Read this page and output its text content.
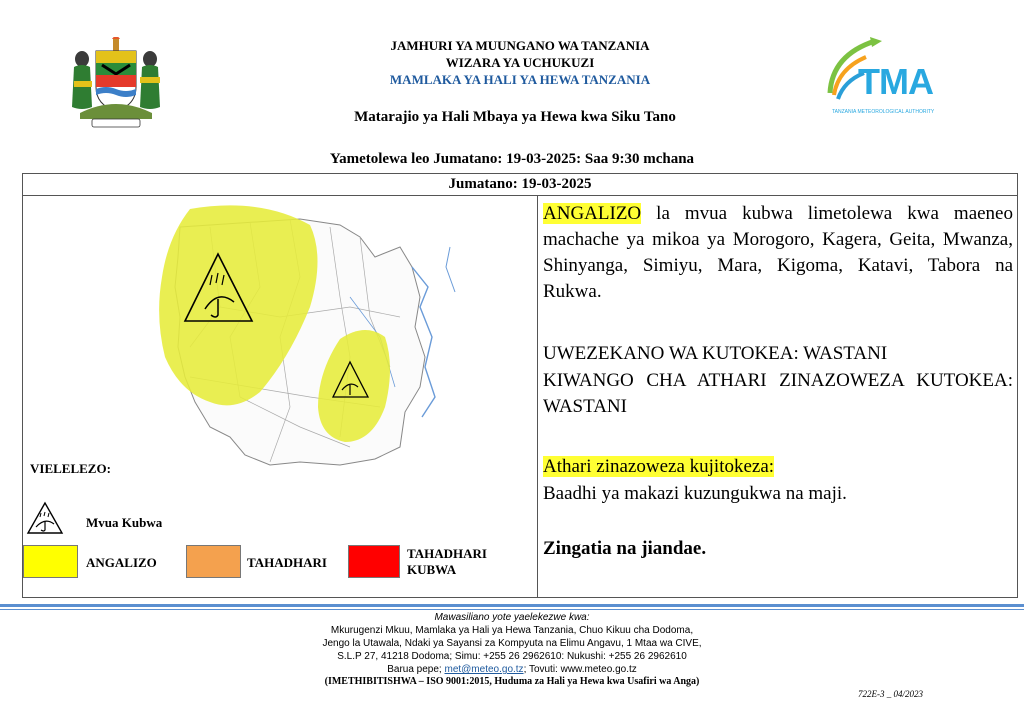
JAMHURI YA MUUNGANO WA TANZANIA
WIZARA YA UCHUKUZI
MAMLAKA YA HALI YA HEWA TANZANIA
Matarajio ya Hali Mbaya ya Hewa kwa Siku Tano
Yametolewa leo Jumatano: 19-03-2025: Saa 9:30 mchana
TMA
TANZANIA METEOROLOGICAL AUTHORITY
Jumatano: 19-03-2025
VIELELEZO:
Mvua Kubwa
ANGALIZO	TAHADHARI
TAHADHARI KUBWA
ANGALIZO la mvua kubwa limetolewa kwa maeneo machache ya mikoa ya Morogoro, Kagera, Geita, Mwanza, Shinyanga, Simiyu, Mara, Kigoma, Katavi, Tabora na Rukwa.
UWEZEKANO WA KUTOKEA: WASTANI
KIWANGO CHA ATHARI ZINAZOWEZA KUTOKEA: WASTANI
Athari zinazoweza kujitokeza:
Baadhi ya makazi kuzungukwa na maji.
Zingatia na jiandae.
Mawasiliano yote yaelekezwe kwa:
Mkurugenzi Mkuu, Mamlaka ya Hali ya Hewa Tanzania, Chuo Kikuu cha Dodoma,
Jengo la Utawala, Ndaki ya Sayansi za Kompyuta na Elimu Angavu, 1 Mtaa wa CIVE,
S.L.P 27, 41218 Dodoma; Simu: +255 26 2962610: Nukushi: +255 26 2962610
Barua pepe; met@meteo.go.tz; Tovuti: www.meteo.go.tz
(IMETHIBITISHWA – ISO 9001:2015, Huduma za Hali ya Hewa kwa Usafiri wa Anga)
722E-3 _ 04/2023
